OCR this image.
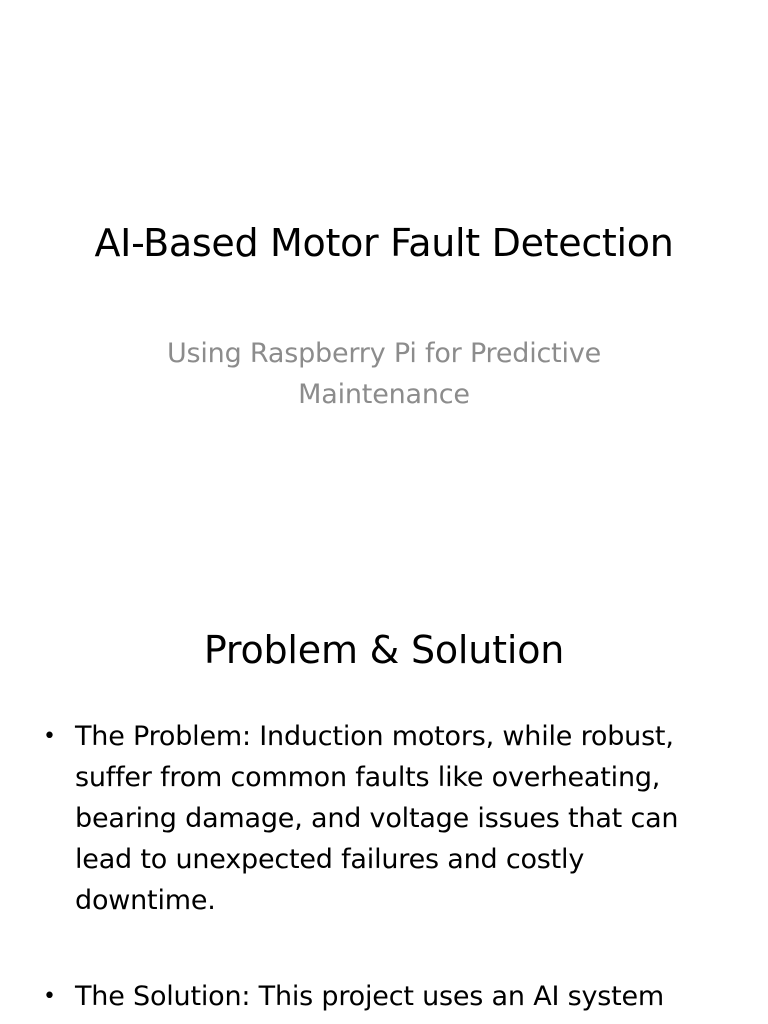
AI-Based Motor Fault Detection

Using Raspberry Pi for Predictive Maintenance

Problem & Solution
• The Problem: Induction motors, while robust, suffer from common faults like overheating, bearing damage, and voltage issues that can lead to unexpected failures and costly downtime.
• The Solution: This project uses an AI system
